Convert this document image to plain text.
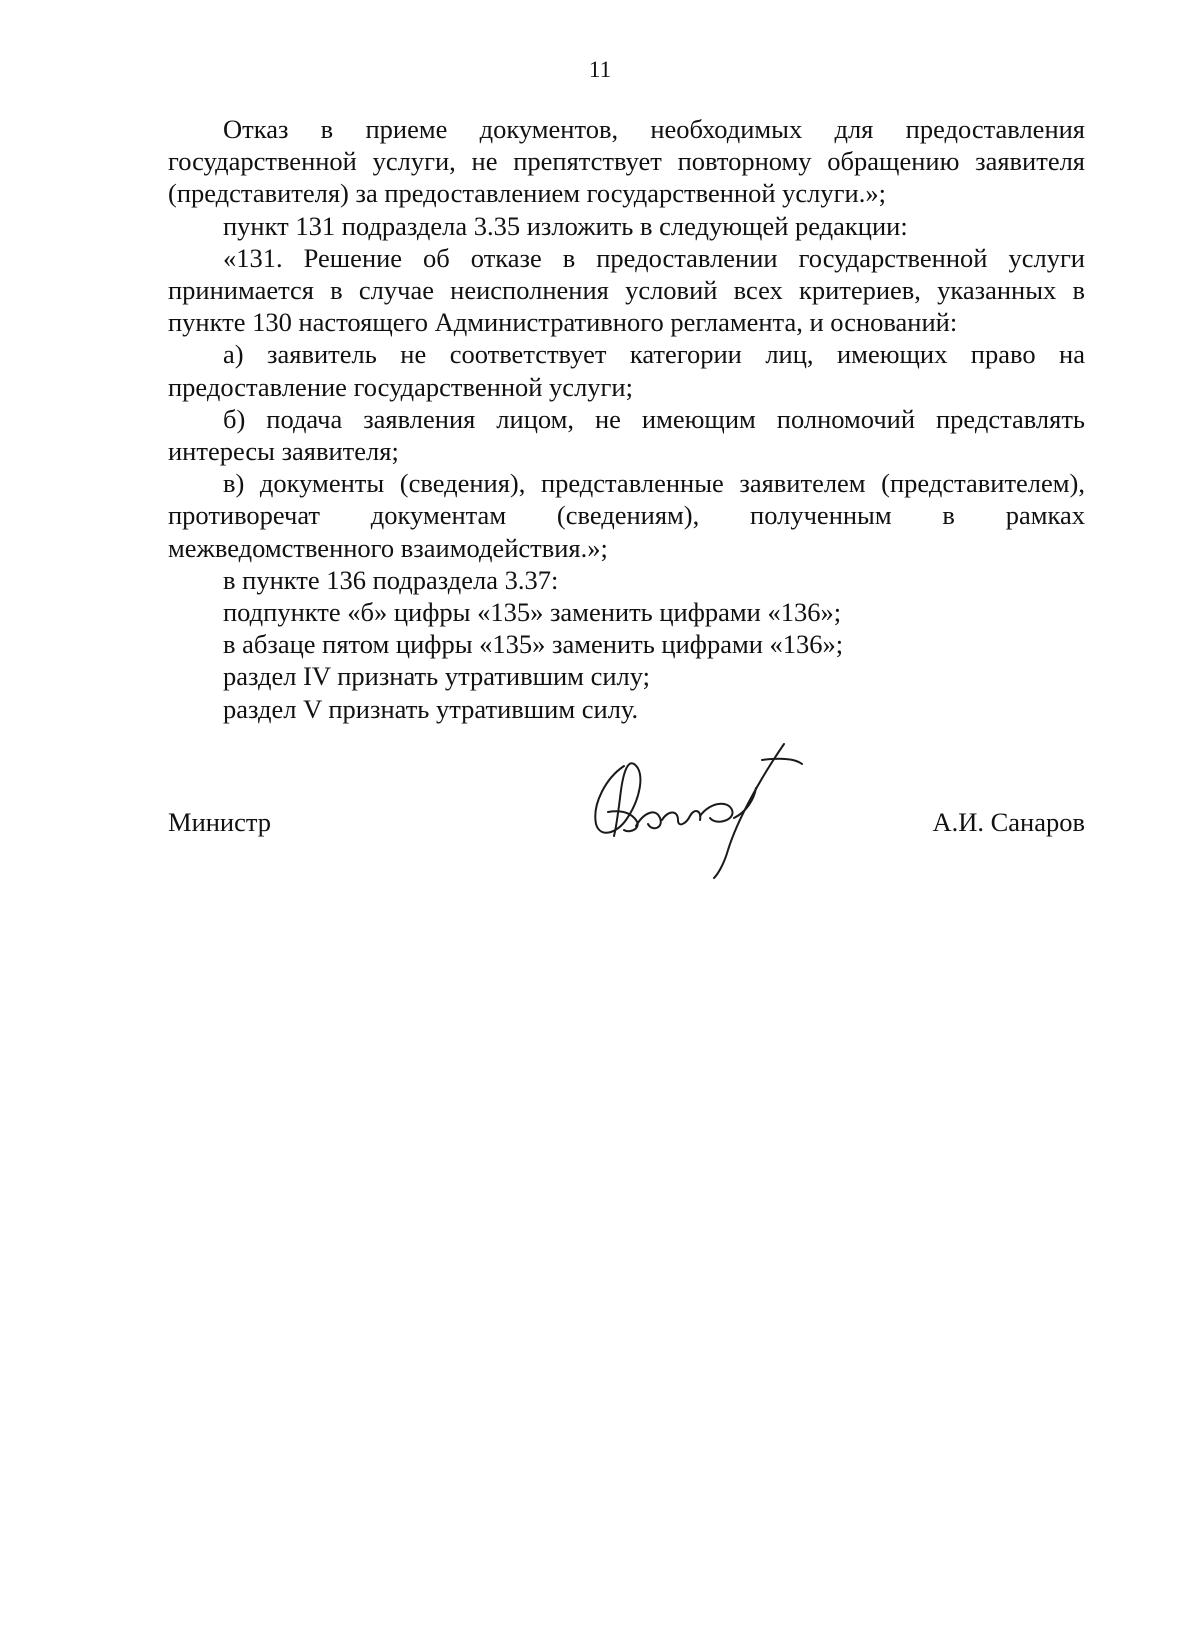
11

Отказ в приеме документов, необходимых для предоставления государственной услуги, не препятствует повторному обращению заявителя (представителя) за предоставлением государственной услуги.»;

пункт 131 подраздела 3.35 изложить в следующей редакции:

«131. Решение об отказе в предоставлении государственной услуги принимается в случае неисполнения условий всех критериев, указанных в пункте 130 настоящего Административного регламента, и оснований:

а) заявитель не соответствует категории лиц, имеющих право на предоставление государственной услуги;

б) подача заявления лицом, не имеющим полномочий представлять интересы заявителя;

в) документы (сведения), представленные заявителем (представителем),

противоречат документам (сведениям), полученным в рамках

межведомственного взаимодействия.»;

в пункте 136 подраздела 3.37:

подпункте «б» цифры «135» заменить цифрами «136»;

в абзаце пятом цифры «135» заменить цифрами «136»;

раздел IV признать утратившим силу;

раздел V признать утратившим силу.

Министр	А.И. Санаров
